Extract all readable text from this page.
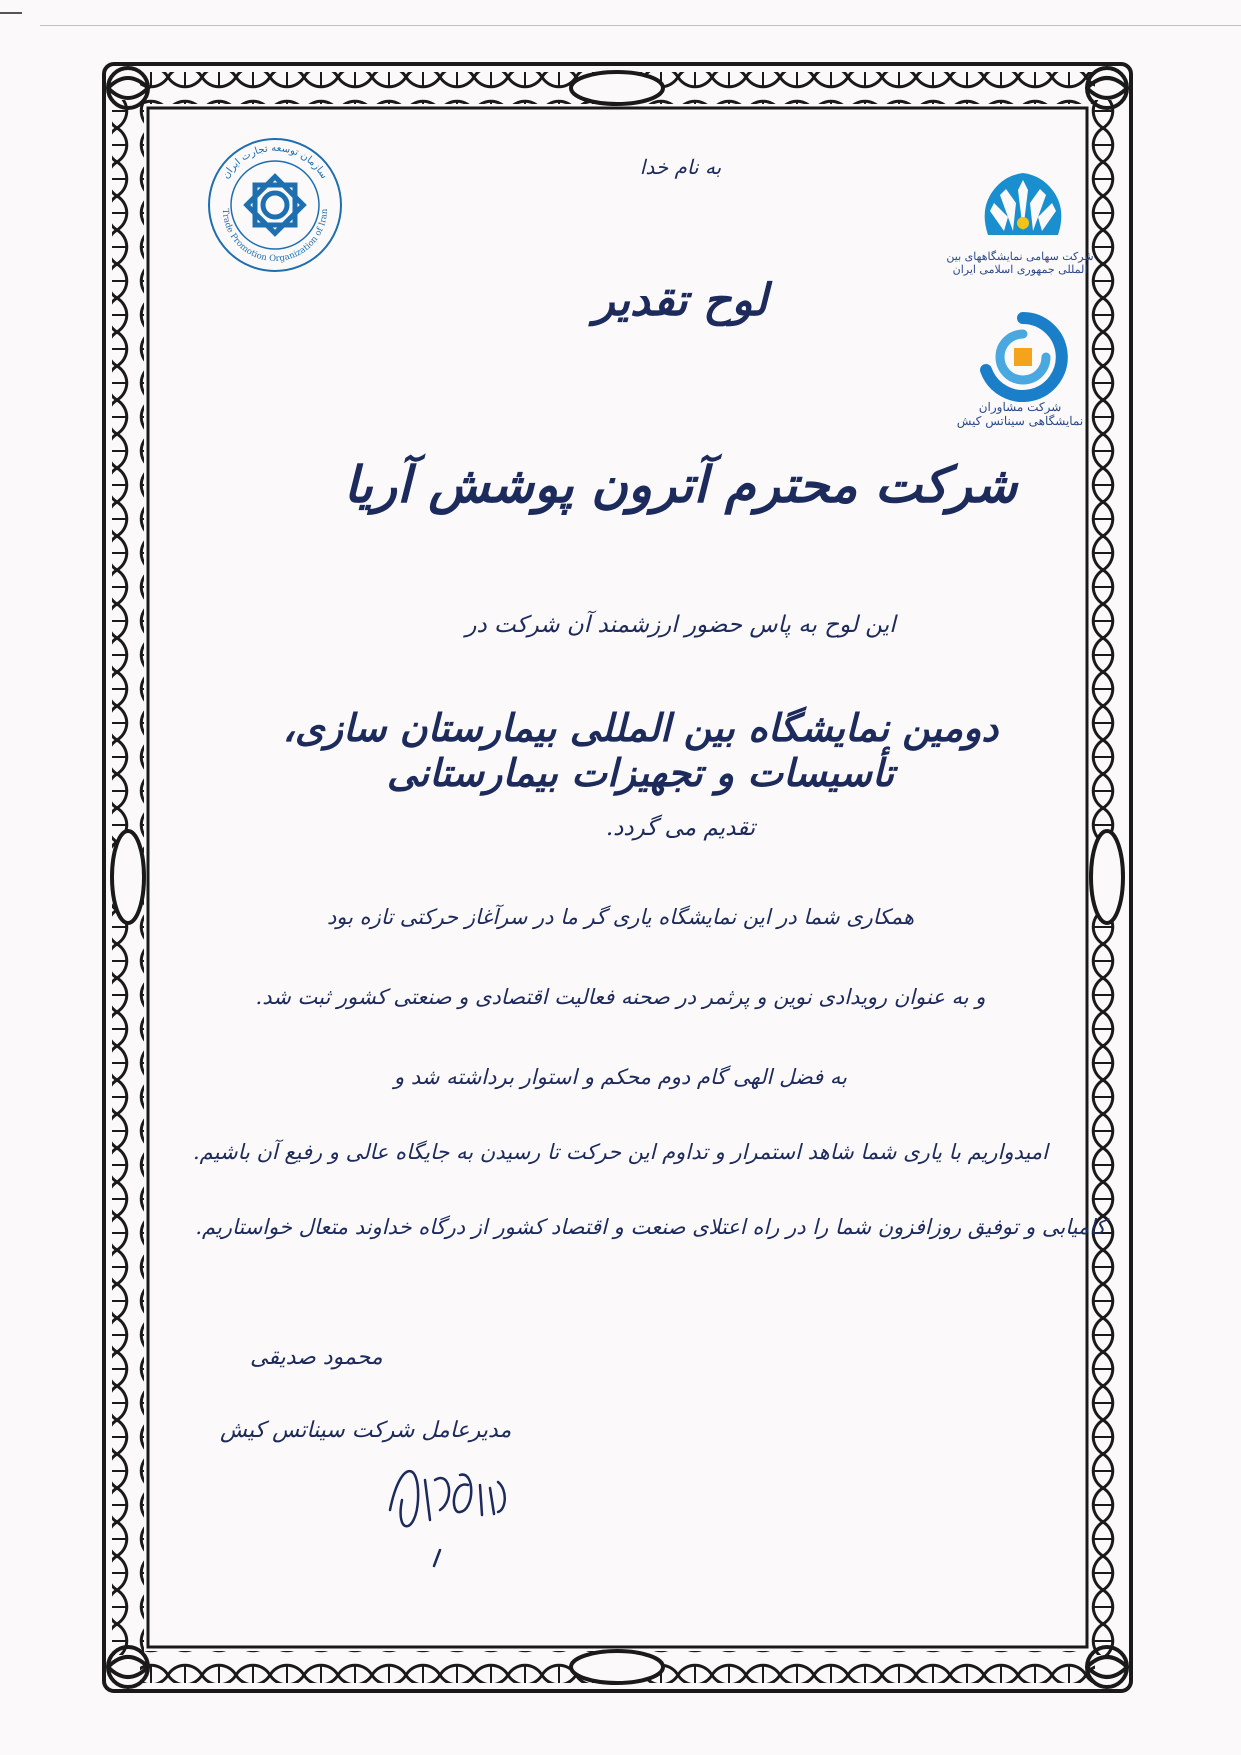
سازمان توسعه تجارت ایران
Trade Promotion Organization of Iran
شرکت سهامی نمایشگاههای بین المللی جمهوری اسلامی ایران
شرکت مشاوران نمایشگاهی سیناتس کیش
به نام خدا
لوح تقدیر
شرکت محترم آترون پوشش آریا
این لوح به پاس حضور ارزشمند آن شرکت در
دومین نمایشگاه بین المللی بیمارستان سازی، تأسیسات و تجهیزات بیمارستانی
تقدیم می گردد.
همکاری شما در این نمایشگاه یاری گر ما در سرآغاز حرکتی تازه بود
و به عنوان رویدادی نوین و پرثمر در صحنه فعالیت اقتصادی و صنعتی کشور ثبت شد.
به فضل الهی گام دوم محکم و استوار برداشته شد و
امیدواریم با یاری شما شاهد استمرار و تداوم این حرکت تا رسیدن به جایگاه عالی و رفیع آن باشیم.
کامیابی و توفیق روزافزون شما را در راه اعتلای صنعت و اقتصاد کشور از درگاه خداوند متعال خواستاریم.
محمود صدیقی
مدیرعامل شرکت سیناتس کیش
